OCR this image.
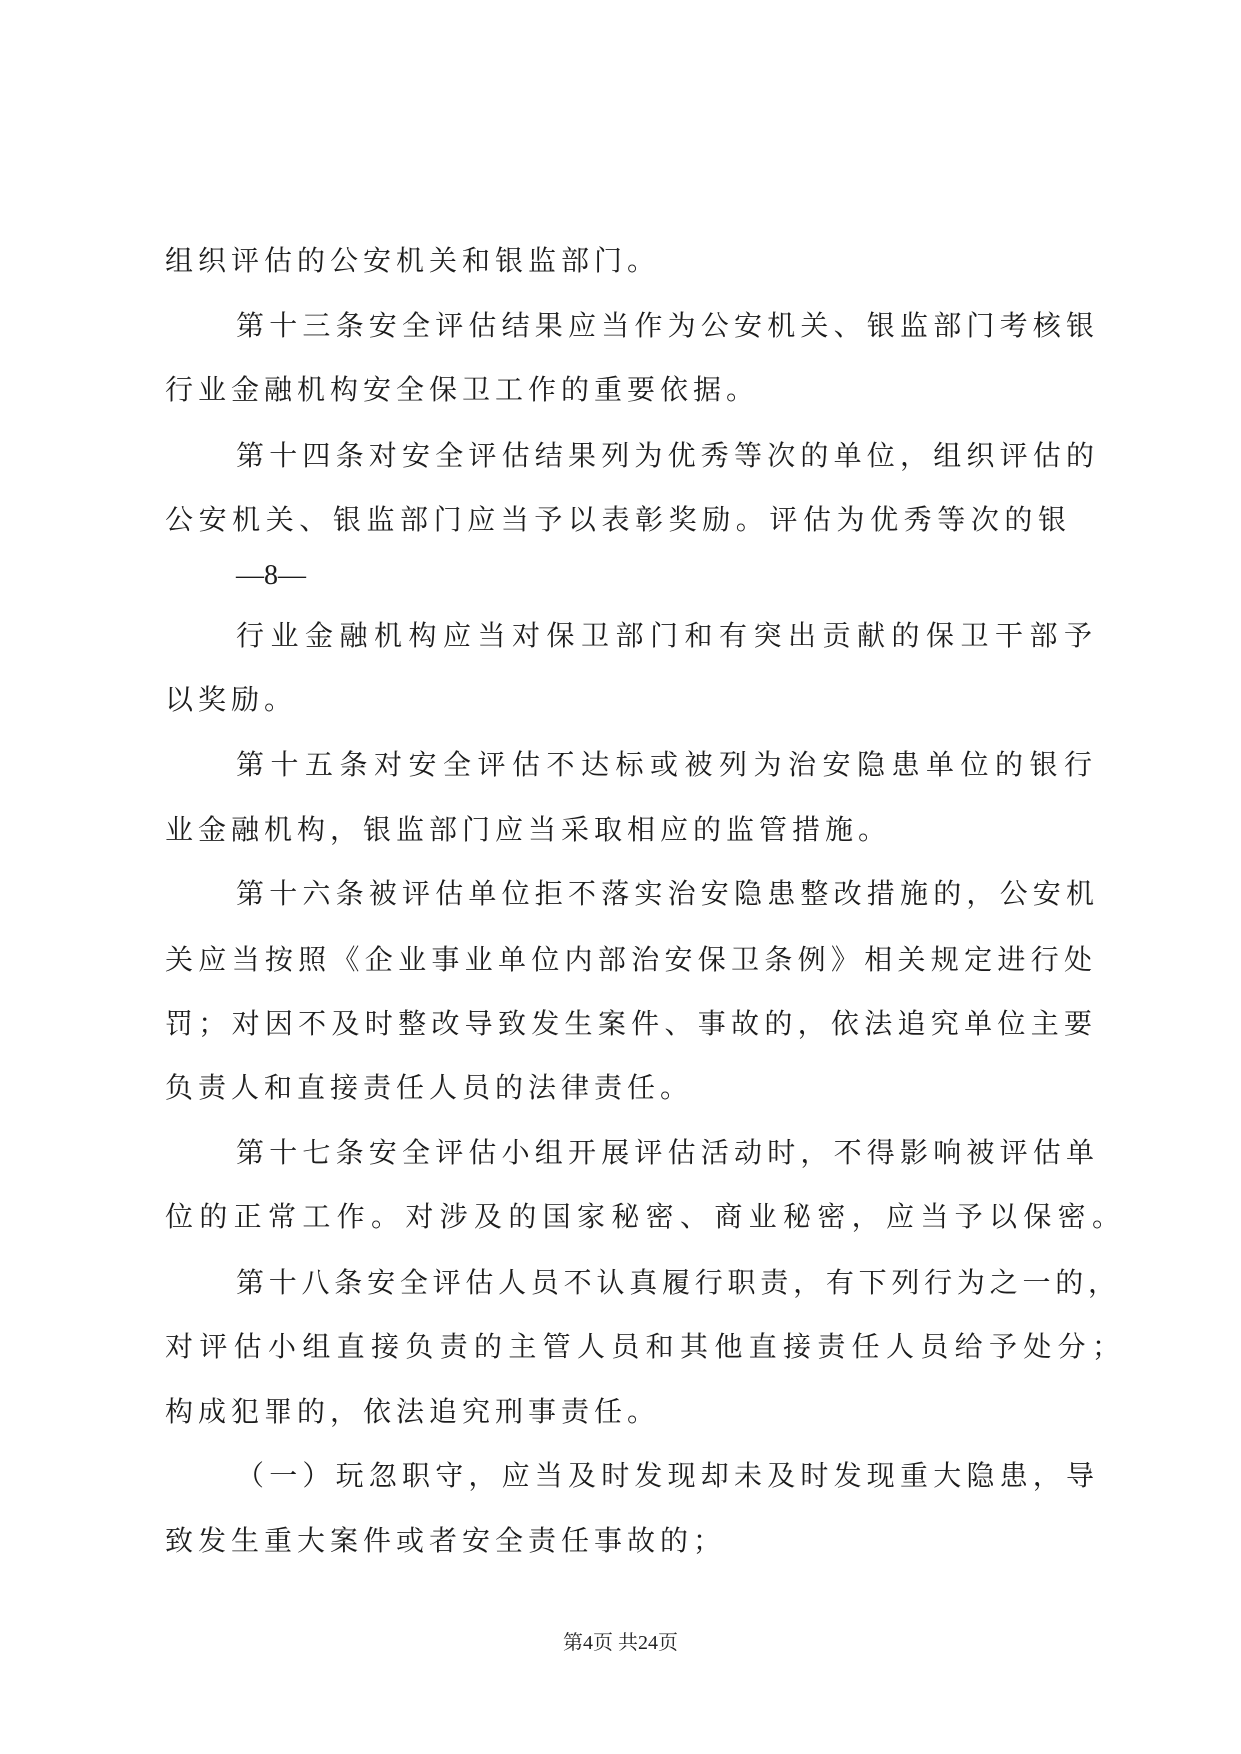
组织评估的公安机关和银监部门。
第十三条安全评估结果应当作为公安机关、银监部门考核银
行业金融机构安全保卫工作的重要依据。
第十四条对安全评估结果列为优秀等次的单位，组织评估的
公安机关、银监部门应当予以表彰奖励。评估为优秀等次的银
—8—
行业金融机构应当对保卫部门和有突出贡献的保卫干部予
以奖励。
第十五条对安全评估不达标或被列为治安隐患单位的银行
业金融机构，银监部门应当采取相应的监管措施。
第十六条被评估单位拒不落实治安隐患整改措施的，公安机
关应当按照《企业事业单位内部治安保卫条例》相关规定进行处
罚；对因不及时整改导致发生案件、事故的，依法追究单位主要
负责人和直接责任人员的法律责任。
第十七条安全评估小组开展评估活动时，不得影响被评估单
位的正常工作。对涉及的国家秘密、商业秘密，应当予以保密。
第十八条安全评估人员不认真履行职责，有下列行为之一的，
对评估小组直接负责的主管人员和其他直接责任人员给予处分；
构成犯罪的，依法追究刑事责任。
（一）玩忽职守，应当及时发现却未及时发现重大隐患，导
致发生重大案件或者安全责任事故的；
第4页 共24页
